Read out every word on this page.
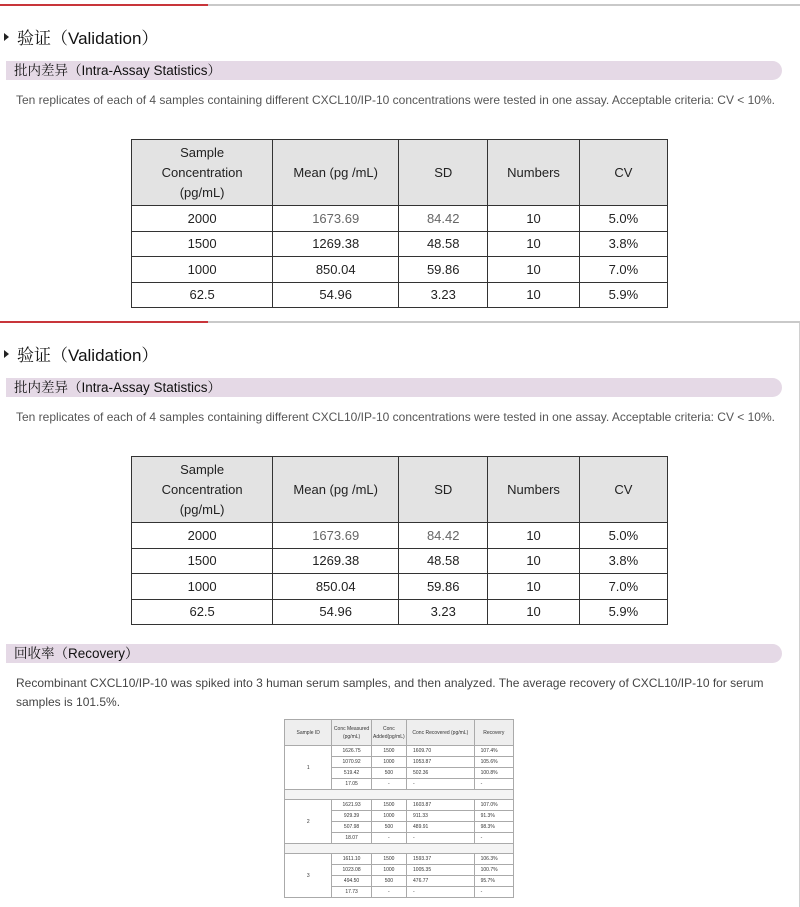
验证（Validation）
批内差异（Intra-Assay Statistics）
Ten replicates of each of 4 samples containing different CXCL10/IP-10 concentrations were tested in one assay. Acceptable criteria: CV < 10%.
Sample Concentration (pg/mL)	Mean (pg /mL)	SD	Numbers	CV
2000	1673.69	84.42	10	5.0%
1500	1269.38	48.58	10	3.8%
1000	850.04	59.86	10	7.0%
62.5	54.96	3.23	10	5.9%
验证（Validation）
批内差异（Intra-Assay Statistics）
Ten replicates of each of 4 samples containing different CXCL10/IP-10 concentrations were tested in one assay. Acceptable criteria: CV < 10%.
Sample Concentration (pg/mL)	Mean (pg /mL)	SD	Numbers	CV
2000	1673.69	84.42	10	5.0%
1500	1269.38	48.58	10	3.8%
1000	850.04	59.86	10	7.0%
62.5	54.96	3.23	10	5.9%
回收率（Recovery）
Recombinant CXCL10/IP-10 was spiked into 3 human serum samples, and then analyzed. The average recovery of CXCL10/IP-10 for serum samples is 101.5%.
Sample ID	Conc Measured (pg/mL)	Conc Added(pg/mL)	Conc Recovered (pg/mL)	Recovery
1	1626.75	1500	1609.70	107.4%
	1070.92	1000	1053.87	105.6%
	519.42	500	502.36	100.8%
	17.05	-	-	-

2	1621.93	1500	1603.87	107.0%
	929.39	1000	911.33	91.3%
	507.98	500	489.91	98.3%
	18.07	-	-	-

3	1611.10	1500	1593.37	106.3%
	1023.08	1000	1005.35	100.7%
	494.50	500	476.77	95.7%
	17.73	-	-	-
